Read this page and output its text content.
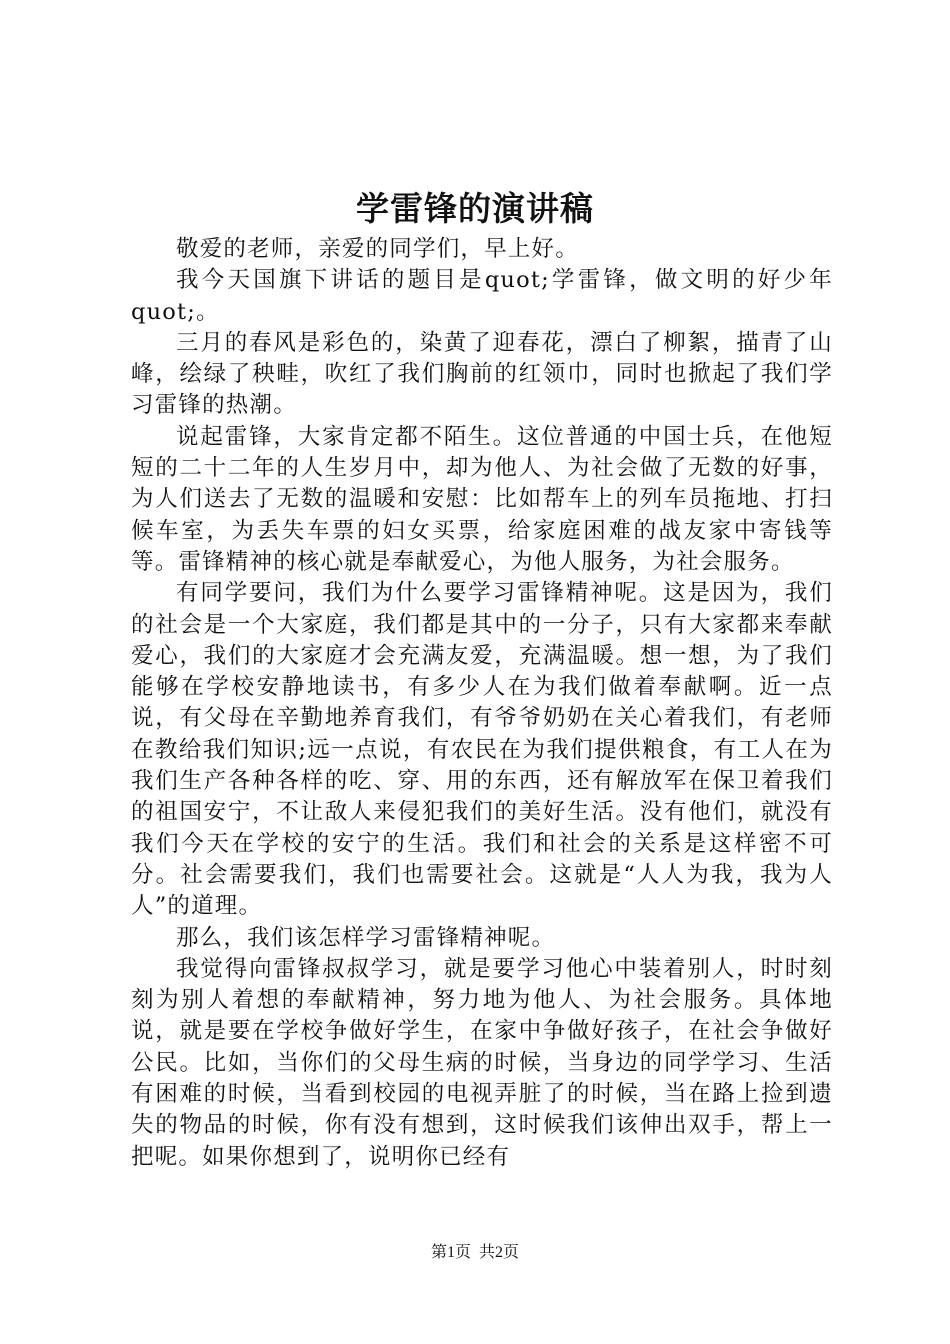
学雷锋的演讲稿

敬爱的老师，亲爱的同学们，早上好。

我今天国旗下讲话的题目是quot;学雷锋，做文明的好少年quot;。

三月的春风是彩色的，染黄了迎春花，漂白了柳絮，描青了山峰，绘绿了秧畦，吹红了我们胸前的红领巾，同时也掀起了我们学习雷锋的热潮。

说起雷锋，大家肯定都不陌生。这位普通的中国士兵，在他短短的二十二年的人生岁月中，却为他人、为社会做了无数的好事，为人们送去了无数的温暖和安慰：比如帮车上的列车员拖地、打扫候车室，为丢失车票的妇女买票，给家庭困难的战友家中寄钱等等。雷锋精神的核心就是奉献爱心，为他人服务，为社会服务。

有同学要问，我们为什么要学习雷锋精神呢。这是因为，我们的社会是一个大家庭，我们都是其中的一分子，只有大家都来奉献爱心，我们的大家庭才会充满友爱，充满温暖。想一想，为了我们能够在学校安静地读书，有多少人在为我们做着奉献啊。近一点说，有父母在辛勤地养育我们，有爷爷奶奶在关心着我们，有老师在教给我们知识;远一点说，有农民在为我们提供粮食，有工人在为我们生产各种各样的吃、穿、用的东西，还有解放军在保卫着我们的祖国安宁，不让敌人来侵犯我们的美好生活。没有他们，就没有我们今天在学校的安宁的生活。我们和社会的关系是这样密不可分。社会需要我们，我们也需要社会。这就是“人人为我，我为人人”的道理。

那么，我们该怎样学习雷锋精神呢。

我觉得向雷锋叔叔学习，就是要学习他心中装着别人，时时刻刻为别人着想的奉献精神，努力地为他人、为社会服务。具体地说，就是要在学校争做好学生，在家中争做好孩子，在社会争做好公民。比如，当你们的父母生病的时候，当身边的同学学习、生活有困难的时候，当看到校园的电视弄脏了的时候，当在路上捡到遗失的物品的时候，你有没有想到，这时候我们该伸出双手，帮上一把呢。如果你想到了，说明你已经有

第1页 共2页
